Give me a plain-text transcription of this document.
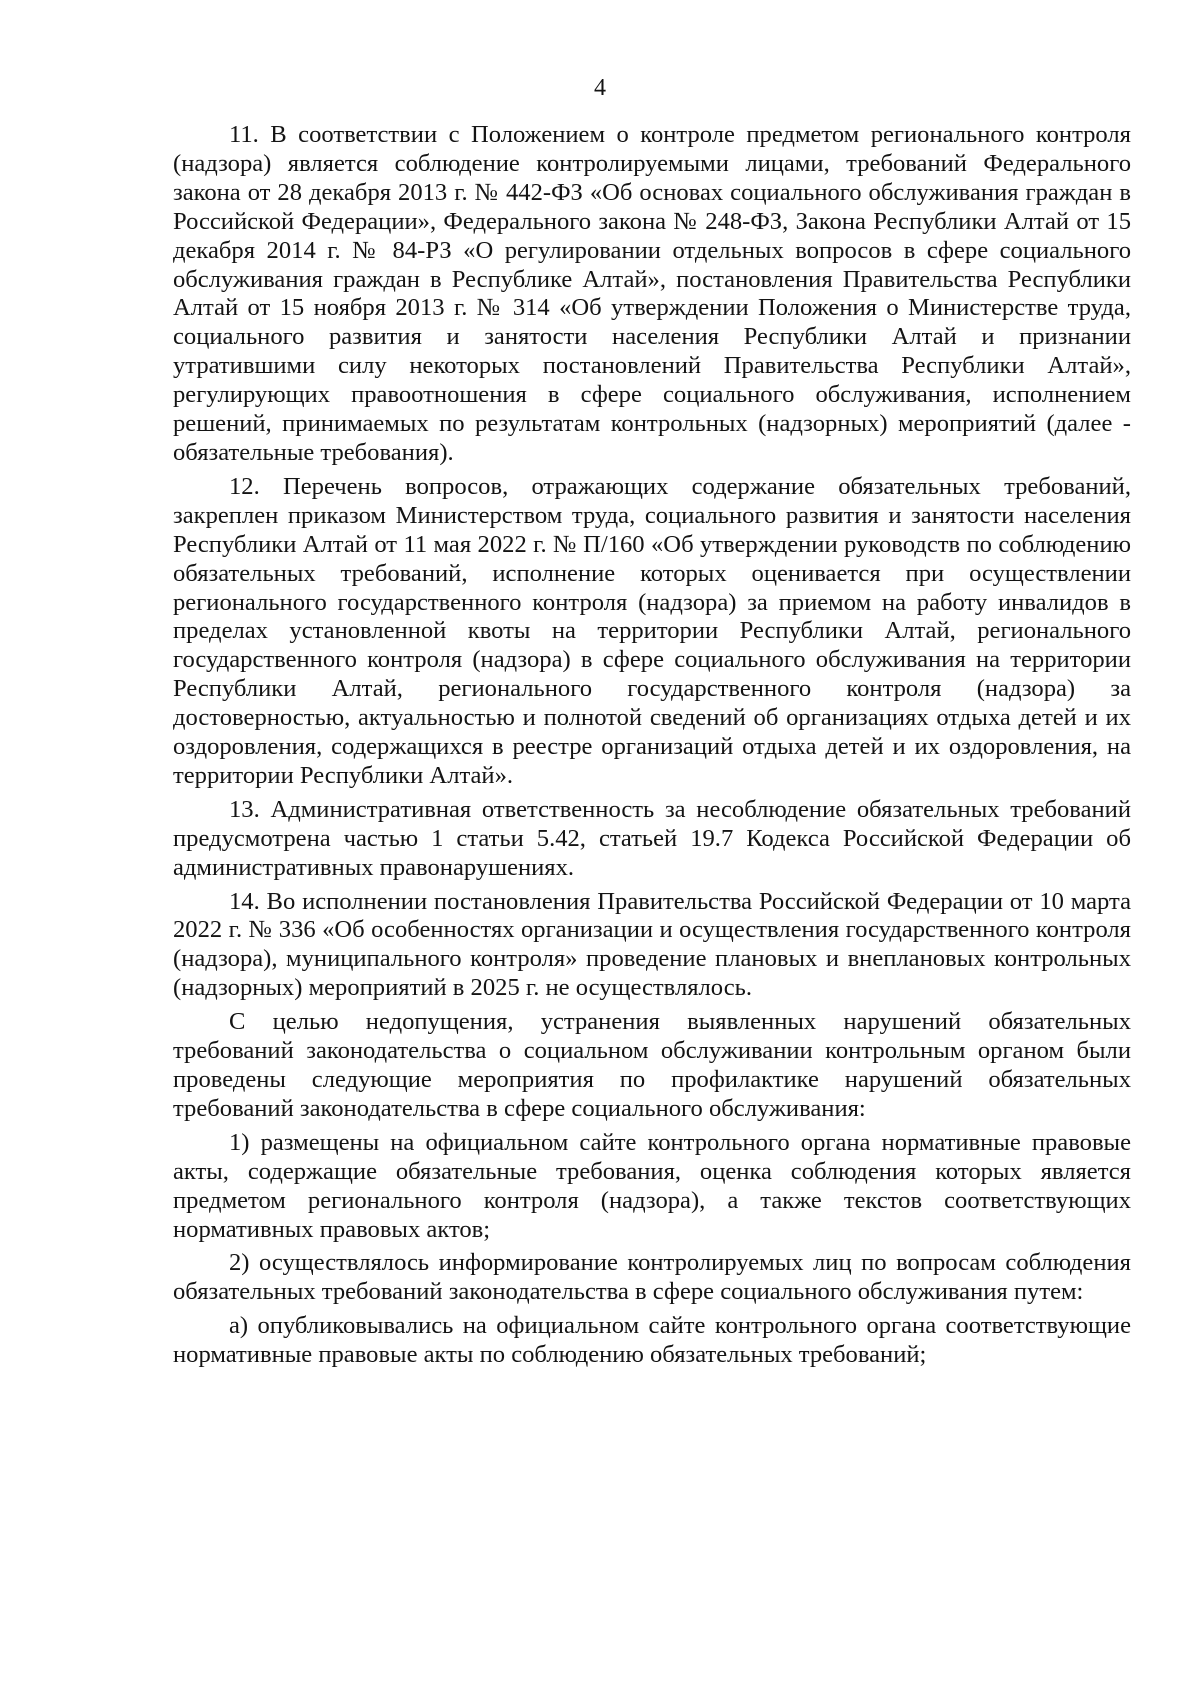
4

11. В соответствии с Положением о контроле предметом регионального контроля (надзора) является соблюдение контролируемыми лицами, требований Федерального закона от 28 декабря 2013 г. № 442-ФЗ «Об основах социального обслуживания граждан в Российской Федерации», Федерального закона № 248-ФЗ, Закона Республики Алтай от 15 декабря 2014 г. № 84-РЗ «О регулировании отдельных вопросов в сфере социального обслуживания граждан в Республике Алтай», постановления Правительства Республики Алтай от 15 ноября 2013 г. № 314 «Об утверждении Положения о Министерстве труда, социального развития и занятости населения Республики Алтай и признании утратившими силу некоторых постановлений Правительства Республики Алтай», регулирующих правоотношения в сфере социального обслуживания, исполнением решений, принимаемых по результатам контрольных (надзорных) мероприятий (далее - обязательные требования).

12. Перечень вопросов, отражающих содержание обязательных требований, закреплен приказом Министерством труда, социального развития и занятости населения Республики Алтай от 11 мая 2022 г. № П/160 «Об утверждении руководств по соблюдению обязательных требований, исполнение которых оценивается при осуществлении регионального государственного контроля (надзора) за приемом на работу инвалидов в пределах установленной квоты на территории Республики Алтай, регионального государственного контроля (надзора) в сфере социального обслуживания на территории Республики Алтай, регионального государственного контроля (надзора) за достоверностью, актуальностью и полнотой сведений об организациях отдыха детей и их оздоровления, содержащихся в реестре организаций отдыха детей и их оздоровления, на территории Республики Алтай».

13. Административная ответственность за несоблюдение обязательных требований предусмотрена частью 1 статьи 5.42, статьей 19.7 Кодекса Российской Федерации об административных правонарушениях.

14. Во исполнении постановления Правительства Российской Федерации от 10 марта 2022 г. № 336 «Об особенностях организации и осуществления государственного контроля (надзора), муниципального контроля» проведение плановых и внеплановых контрольных (надзорных) мероприятий в 2025 г. не осуществлялось.

С целью недопущения, устранения выявленных нарушений обязательных требований законодательства о социальном обслуживании контрольным органом были проведены следующие мероприятия по профилактике нарушений обязательных требований законодательства в сфере социального обслуживания:

1) размещены на официальном сайте контрольного органа нормативные правовые акты, содержащие обязательные требования, оценка соблюдения которых является предметом регионального контроля (надзора), а также текстов соответствующих нормативных правовых актов;

2) осуществлялось информирование контролируемых лиц по вопросам соблюдения обязательных требований законодательства в сфере социального обслуживания путем:

а) опубликовывались на официальном сайте контрольного органа соответствующие нормативные правовые акты по соблюдению обязательных требований;
